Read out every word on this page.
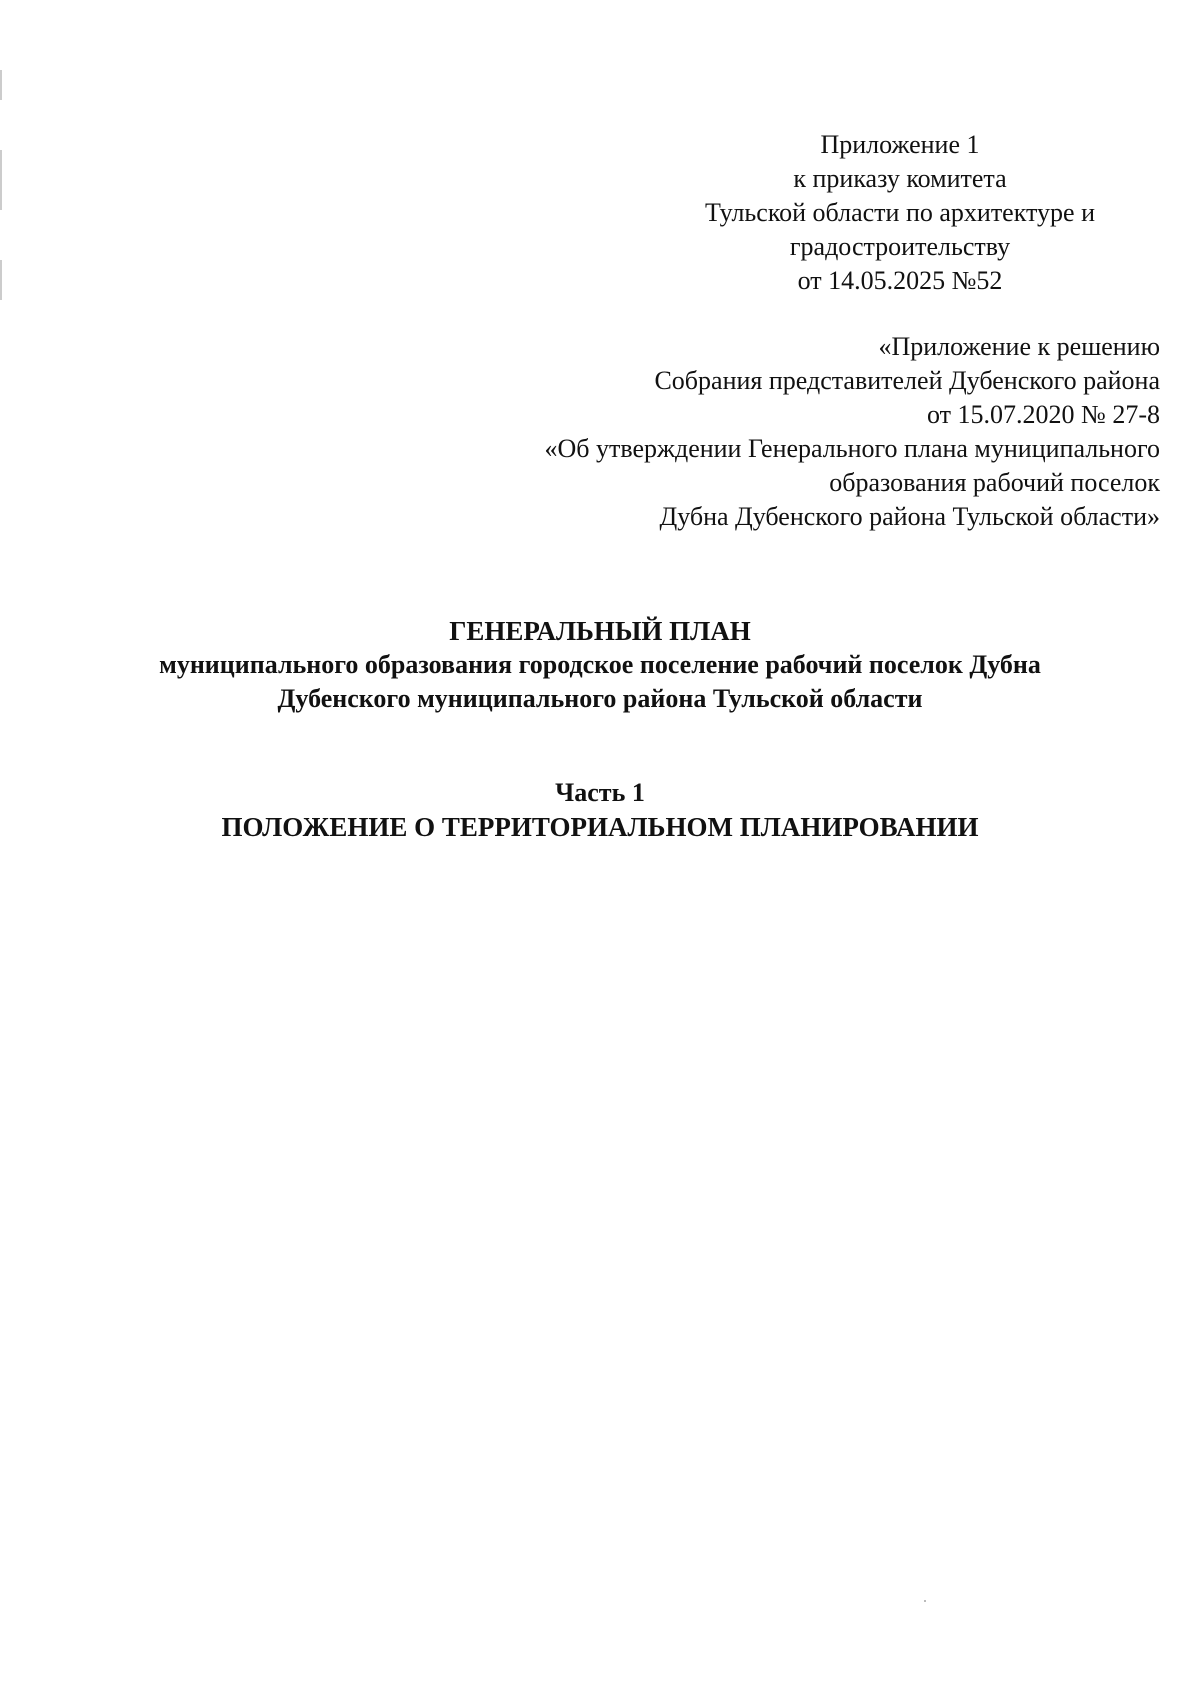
Приложение 1
к приказу комитета
Тульской области по архитектуре и
градостроительству
от 14.05.2025 №52
«Приложение к решению
Собрания представителей Дубенского района
от 15.07.2020 № 27-8
«Об утверждении Генерального плана муниципального
образования рабочий поселок
Дубна Дубенского района Тульской области»
ГЕНЕРАЛЬНЫЙ ПЛАН
муниципального образования городское поселение рабочий поселок Дубна
Дубенского муниципального района Тульской области
Часть 1
ПОЛОЖЕНИЕ О ТЕРРИТОРИАЛЬНОМ ПЛАНИРОВАНИИ
